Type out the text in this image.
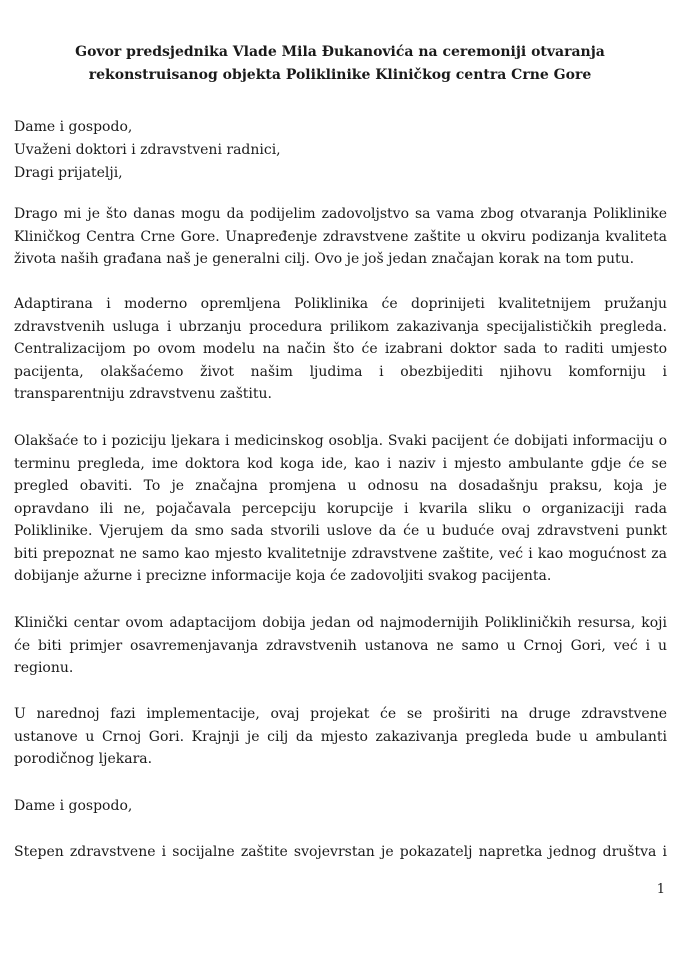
Govor predsjednika Vlade Mila Đukanovića na ceremoniji otvaranja
rekonstruisanog objekta Poliklinike Kliničkog centra Crne Gore
Dame i gospodo,
Uvaženi doktori i zdravstveni radnici,
Dragi prijatelji,
Drago mi je što danas mogu da podijelim zadovoljstvo sa vama zbog otvaranja Poliklinike
Kliničkog Centra Crne Gore. Unapređenje zdravstvene zaštite u okviru podizanja kvaliteta
života naših građana naš je generalni cilj. Ovo je još jedan značajan korak na tom putu.
Adaptirana i moderno opremljena Poliklinika će doprinijeti kvalitetnijem pružanju
zdravstvenih usluga i ubrzanju procedura prilikom zakazivanja specijalističkih pregleda.
Centralizacijom po ovom modelu na način što će izabrani doktor sada to raditi umjesto
pacijenta, olakšaćemo život našim ljudima i obezbijediti njihovu komforniju i
transparentniju zdravstvenu zaštitu.
Olakšaće to i poziciju ljekara i medicinskog osoblja. Svaki pacijent će dobijati informaciju o
terminu pregleda, ime doktora kod koga ide, kao i naziv i mjesto ambulante gdje će se
pregled obaviti. To je značajna promjena u odnosu na dosadašnju praksu, koja je
opravdano ili ne, pojačavala percepciju korupcije i kvarila sliku o organizaciji rada
Poliklinike. Vjerujem da smo sada stvorili uslove da će u buduće ovaj zdravstveni punkt
biti prepoznat ne samo kao mjesto kvalitetnije zdravstvene zaštite, već i kao mogućnost za
dobijanje ažurne i precizne informacije koja će zadovoljiti svakog pacijenta.
Klinički centar ovom adaptacijom dobija jedan od najmodernijih Polikliničkih resursa, koji
će biti primjer osavremenjavanja zdravstvenih ustanova ne samo u Crnoj Gori, već i u
regionu.
U narednoj fazi implementacije, ovaj projekat će se proširiti na druge zdravstvene
ustanove u Crnoj Gori. Krajnji je cilj da mjesto zakazivanja pregleda bude u ambulanti
porodičnog ljekara.
Dame i gospodo,
Stepen zdravstvene i socijalne zaštite svojevrstan je pokazatelj napretka jednog društva i
1
